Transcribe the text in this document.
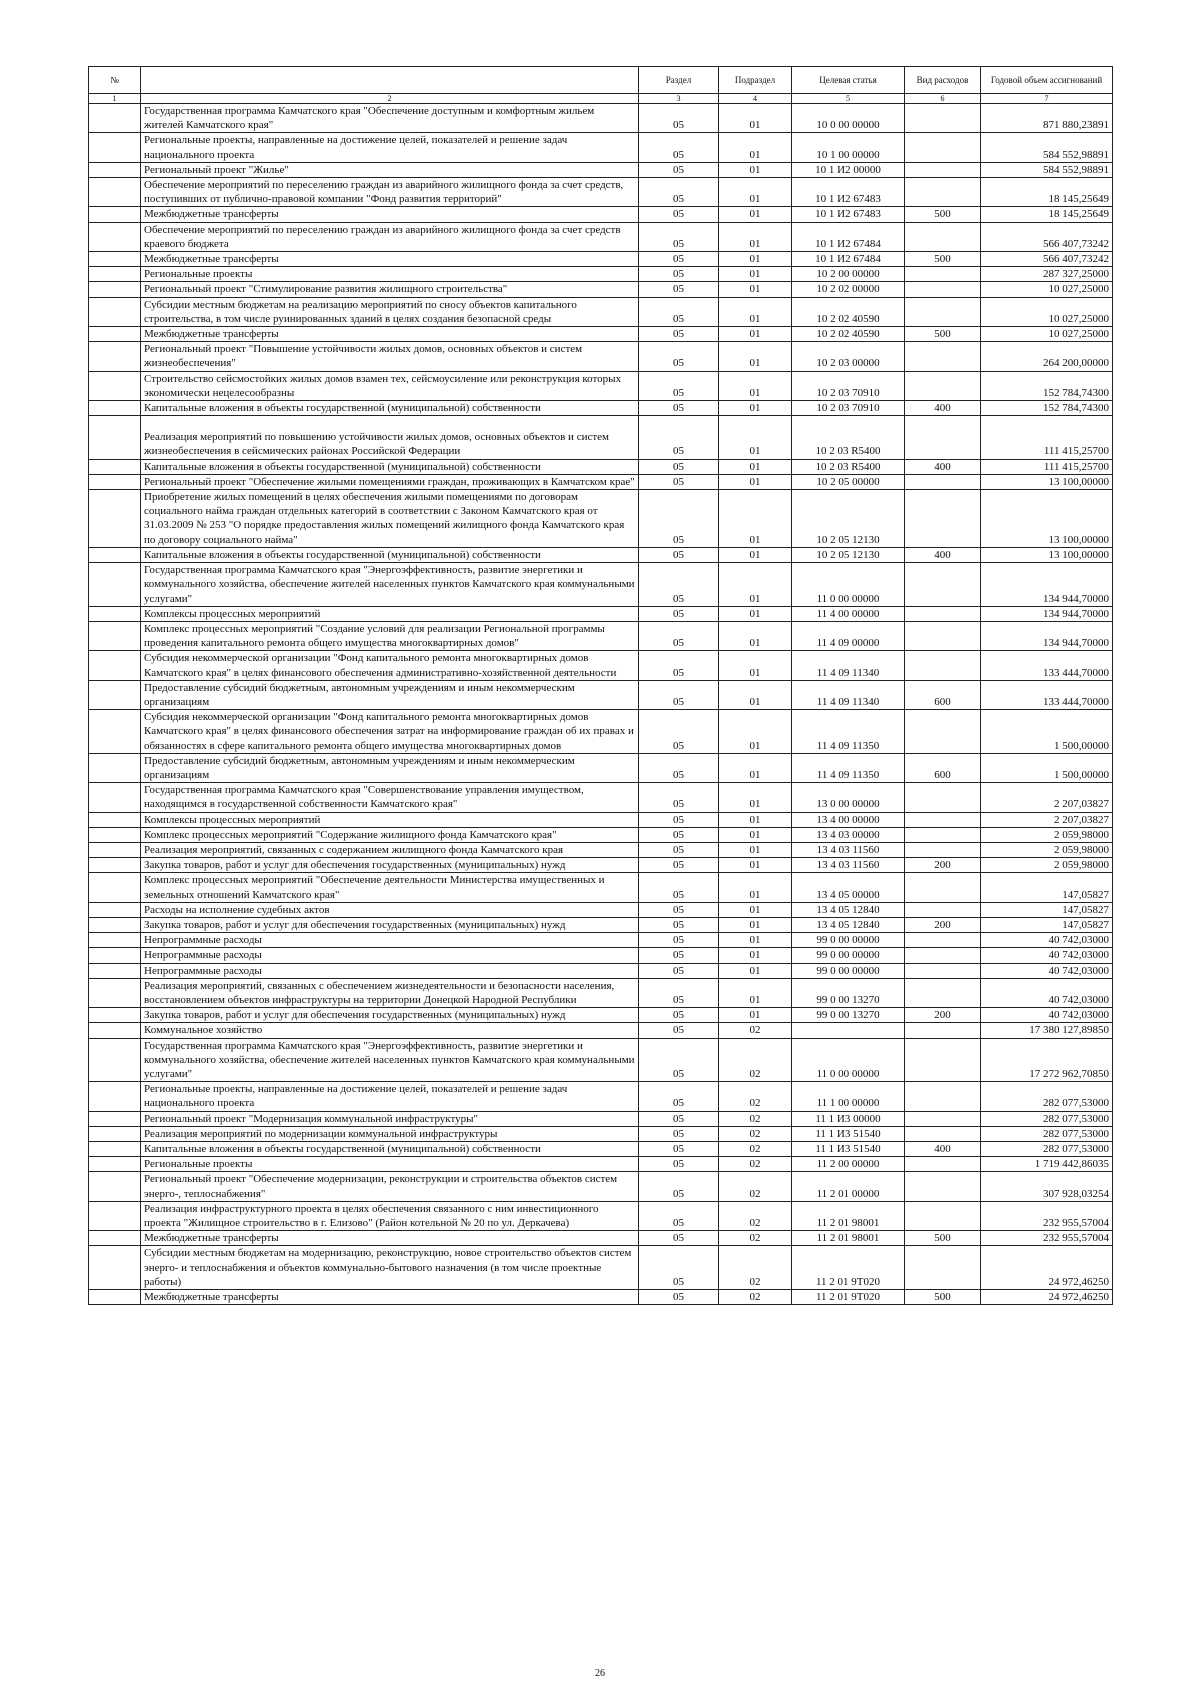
№		Раздел	Подраздел	Целевая статья	Вид расходов	Годовой объем ассигнований
1	2	3	4	5	6	7
	Государственная программа Камчатского края "Обеспечение доступным и комфортным жильем жителей Камчатского края"	05	01	10 0 00 00000		871 880,23891
	Региональные проекты, направленные на достижение целей, показателей и решение задач национального проекта	05	01	10 1 00 00000		584 552,98891
	Региональный проект "Жилье"	05	01	10 1 И2 00000		584 552,98891
	Обеспечение мероприятий по переселению граждан из аварийного жилищного фонда за счет средств, поступивших от публично-правовой компании "Фонд развития территорий"	05	01	10 1 И2 67483		18 145,25649
	Межбюджетные трансферты	05	01	10 1 И2 67483	500	18 145,25649
	Обеспечение мероприятий по переселению граждан из аварийного жилищного фонда за счет средств краевого бюджета	05	01	10 1 И2 67484		566 407,73242
	Межбюджетные трансферты	05	01	10 1 И2 67484	500	566 407,73242
	Региональные проекты	05	01	10 2 00 00000		287 327,25000
	Региональный проект "Стимулирование развития жилищного строительства"	05	01	10 2 02 00000		10 027,25000
	Субсидии местным бюджетам на реализацию мероприятий по сносу объектов капитального строительства, в том числе руинированных зданий в целях создания безопасной среды	05	01	10 2 02 40590		10 027,25000
	Межбюджетные трансферты	05	01	10 2 02 40590	500	10 027,25000
	Региональный проект "Повышение устойчивости жилых домов, основных объектов и систем жизнеобеспечения"	05	01	10 2 03 00000		264 200,00000
	Строительство сейсмостойких жилых домов взамен тех, сейсмоусиление или реконструкция которых экономически нецелесообразны	05	01	10 2 03 70910		152 784,74300
	Капитальные вложения в объекты государственной (муниципальной) собственности	05	01	10 2 03 70910	400	152 784,74300
	Реализация мероприятий по повышению устойчивости жилых домов, основных объектов и систем жизнеобеспечения в сейсмических районах Российской Федерации	05	01	10 2 03 R5400		111 415,25700
	Капитальные вложения в объекты государственной (муниципальной) собственности	05	01	10 2 03 R5400	400	111 415,25700
	Региональный проект "Обеспечение жилыми помещениями граждан, проживающих в Камчатском крае"	05	01	10 2 05 00000		13 100,00000
	Приобретение жилых помещений в целях обеспечения жилыми помещениями по договорам социального найма граждан отдельных категорий в соответствии с Законом Камчатского края от 31.03.2009 № 253 "О порядке предоставления жилых помещений жилищного фонда Камчатского края по договору социального найма"	05	01	10 2 05 12130		13 100,00000
	Капитальные вложения в объекты государственной (муниципальной) собственности	05	01	10 2 05 12130	400	13 100,00000
	Государственная программа Камчатского края "Энергоэффективность, развитие энергетики и коммунального хозяйства, обеспечение жителей населенных пунктов Камчатского края коммунальными услугами"	05	01	11 0 00 00000		134 944,70000
	Комплексы процессных мероприятий	05	01	11 4 00 00000		134 944,70000
	Комплекс процессных мероприятий "Создание условий для реализации Региональной программы проведения капитального ремонта общего имущества многоквартирных домов"	05	01	11 4 09 00000		134 944,70000
	Субсидия некоммерческой организации "Фонд капитального ремонта многоквартирных домов Камчатского края" в целях финансового обеспечения административно-хозяйственной деятельности	05	01	11 4 09 11340		133 444,70000
	Предоставление субсидий бюджетным, автономным учреждениям и иным некоммерческим организациям	05	01	11 4 09 11340	600	133 444,70000
	Субсидия некоммерческой организации "Фонд капитального ремонта многоквартирных домов Камчатского края" в целях финансового обеспечения затрат на информирование граждан об их правах и обязанностях в сфере капитального ремонта общего имущества многоквартирных домов	05	01	11 4 09 11350		1 500,00000
	Предоставление субсидий бюджетным, автономным учреждениям и иным некоммерческим организациям	05	01	11 4 09 11350	600	1 500,00000
	Государственная программа Камчатского края "Совершенствование управления имуществом, находящимся в государственной собственности Камчатского края"	05	01	13 0 00 00000		2 207,03827
	Комплексы процессных мероприятий	05	01	13 4 00 00000		2 207,03827
	Комплекс процессных мероприятий "Содержание жилищного фонда Камчатского края"	05	01	13 4 03 00000		2 059,98000
	Реализация мероприятий, связанных с содержанием жилищного фонда Камчатского края	05	01	13 4 03 11560		2 059,98000
	Закупка товаров, работ и услуг для обеспечения государственных (муниципальных) нужд	05	01	13 4 03 11560	200	2 059,98000
	Комплекс процессных мероприятий "Обеспечение деятельности Министерства имущественных и земельных отношений Камчатского края"	05	01	13 4 05 00000		147,05827
	Расходы на исполнение судебных актов	05	01	13 4 05 12840		147,05827
	Закупка товаров, работ и услуг для обеспечения государственных (муниципальных) нужд	05	01	13 4 05 12840	200	147,05827
	Непрограммные расходы	05	01	99 0 00 00000		40 742,03000
	Непрограммные расходы	05	01	99 0 00 00000		40 742,03000
	Непрограммные расходы	05	01	99 0 00 00000		40 742,03000
	Реализация мероприятий, связанных с обеспечением жизнедеятельности и безопасности населения, восстановлением объектов инфраструктуры на территории Донецкой Народной Республики	05	01	99 0 00 13270		40 742,03000
	Закупка товаров, работ и услуг для обеспечения государственных (муниципальных) нужд	05	01	99 0 00 13270	200	40 742,03000
	Коммунальное хозяйство	05	02			17 380 127,89850
	Государственная программа Камчатского края "Энергоэффективность, развитие энергетики и коммунального хозяйства, обеспечение жителей населенных пунктов Камчатского края коммунальными услугами"	05	02	11 0 00 00000		17 272 962,70850
	Региональные проекты, направленные на достижение целей, показателей и решение задач национального проекта	05	02	11 1 00 00000		282 077,53000
	Региональный проект "Модернизация коммунальной инфраструктуры"	05	02	11 1 И3 00000		282 077,53000
	Реализация мероприятий по модернизации коммунальной инфраструктуры	05	02	11 1 И3 51540		282 077,53000
	Капитальные вложения в объекты государственной (муниципальной) собственности	05	02	11 1 И3 51540	400	282 077,53000
	Региональные проекты	05	02	11 2 00 00000		1 719 442,86035
	Региональный проект "Обеспечение модернизации, реконструкции и строительства объектов систем энерго-, теплоснабжения"	05	02	11 2 01 00000		307 928,03254
	Реализация инфраструктурного проекта в целях обеспечения связанного с ним инвестиционного проекта "Жилищное строительство в г. Елизово" (Район котельной № 20 по ул. Деркачева)	05	02	11 2 01 98001		232 955,57004
	Межбюджетные трансферты	05	02	11 2 01 98001	500	232 955,57004
	Субсидии местным бюджетам на модернизацию, реконструкцию, новое строительство объектов систем энерго- и теплоснабжения и объектов коммунально-бытового назначения (в том числе проектные работы)	05	02	11 2 01 9Т020		24 972,46250
	Межбюджетные трансферты	05	02	11 2 01 9Т020	500	24 972,46250
26
